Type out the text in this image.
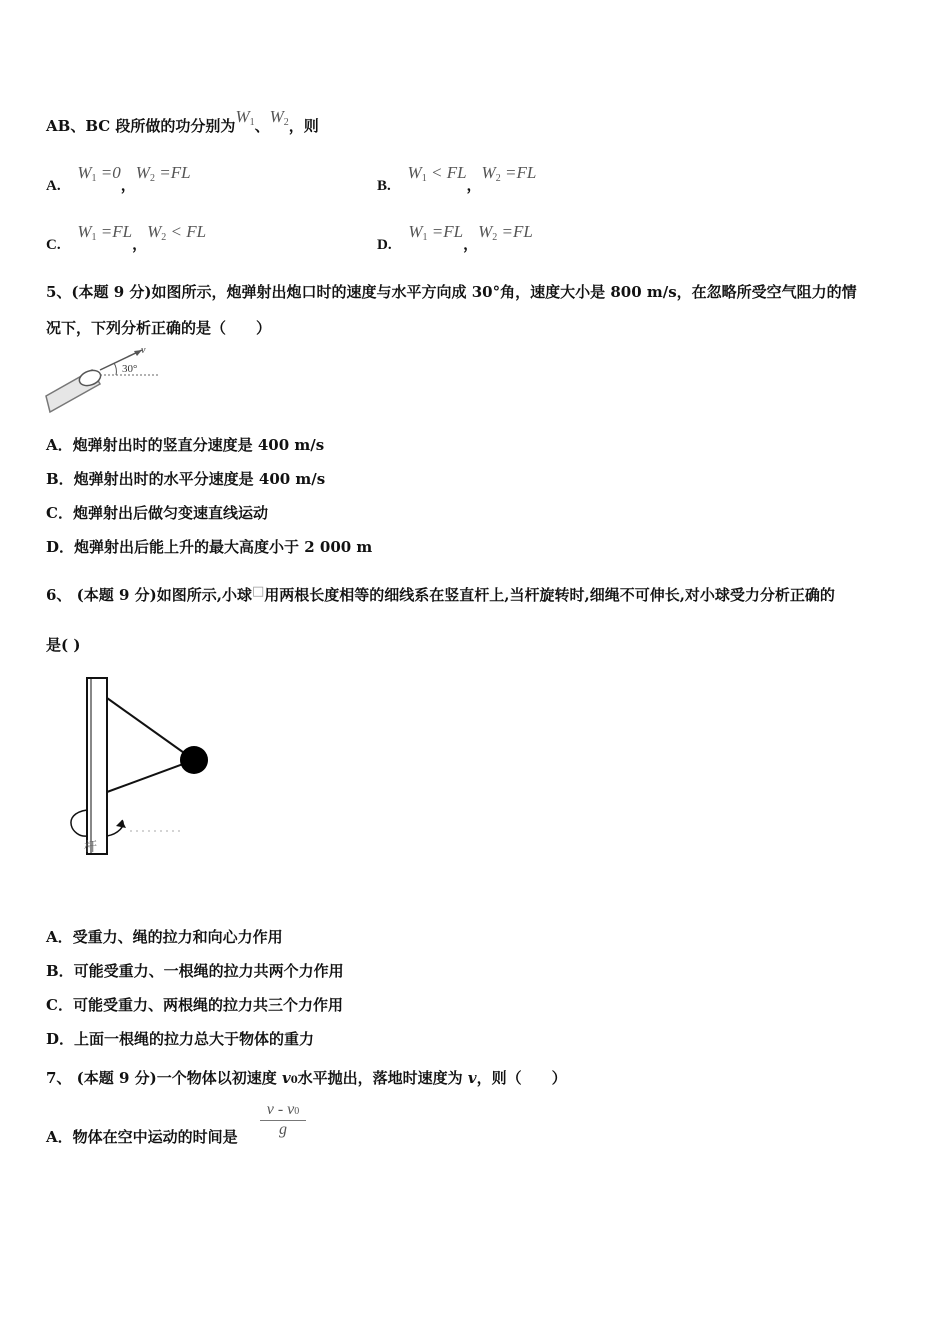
AB、BC 段所做的功分别为$W_1$、$W_2$，则
A. $W_1 =0$，$W_2 =FL$
B. $W_1$ < FL，$W_2 =FL$
C. $W_1 =FL$，$W_2$ < FL
D. $W_1 =FL$，$W_2 =FL$
5、(本题 9 分)如图所示，炮弹射出炮口时的速度与水平方向成 30°角，速度大小是 800 m/s，在忽略所受空气阻力的情
况下，下列分析正确的是（　　）
30°
v
A．炮弹射出时的竖直分速度是 400 m/s
B．炮弹射出时的水平分速度是 400 m/s
C．炮弹射出后做匀变速直线运动
D．炮弹射出后能上升的最大高度小于 2 000 m
6、 (本题 9 分)如图所示,小球□用两根长度相等的细线系在竖直杆上,当杆旋转时,细绳不可伸长,对小球受力分析正确的
是( )
杆
A．受重力、绳的拉力和向心力作用
B．可能受重力、一根绳的拉力共两个力作用
C．可能受重力、两根绳的拉力共三个力作用
D．上面一根绳的拉力总大于物体的重力
7、 (本题 9 分)一个物体以初速度 v0水平抛出，落地时速度为 v，则（　　）
A．物体在空中运动的时间是 $\frac{v - v0}{g}$
